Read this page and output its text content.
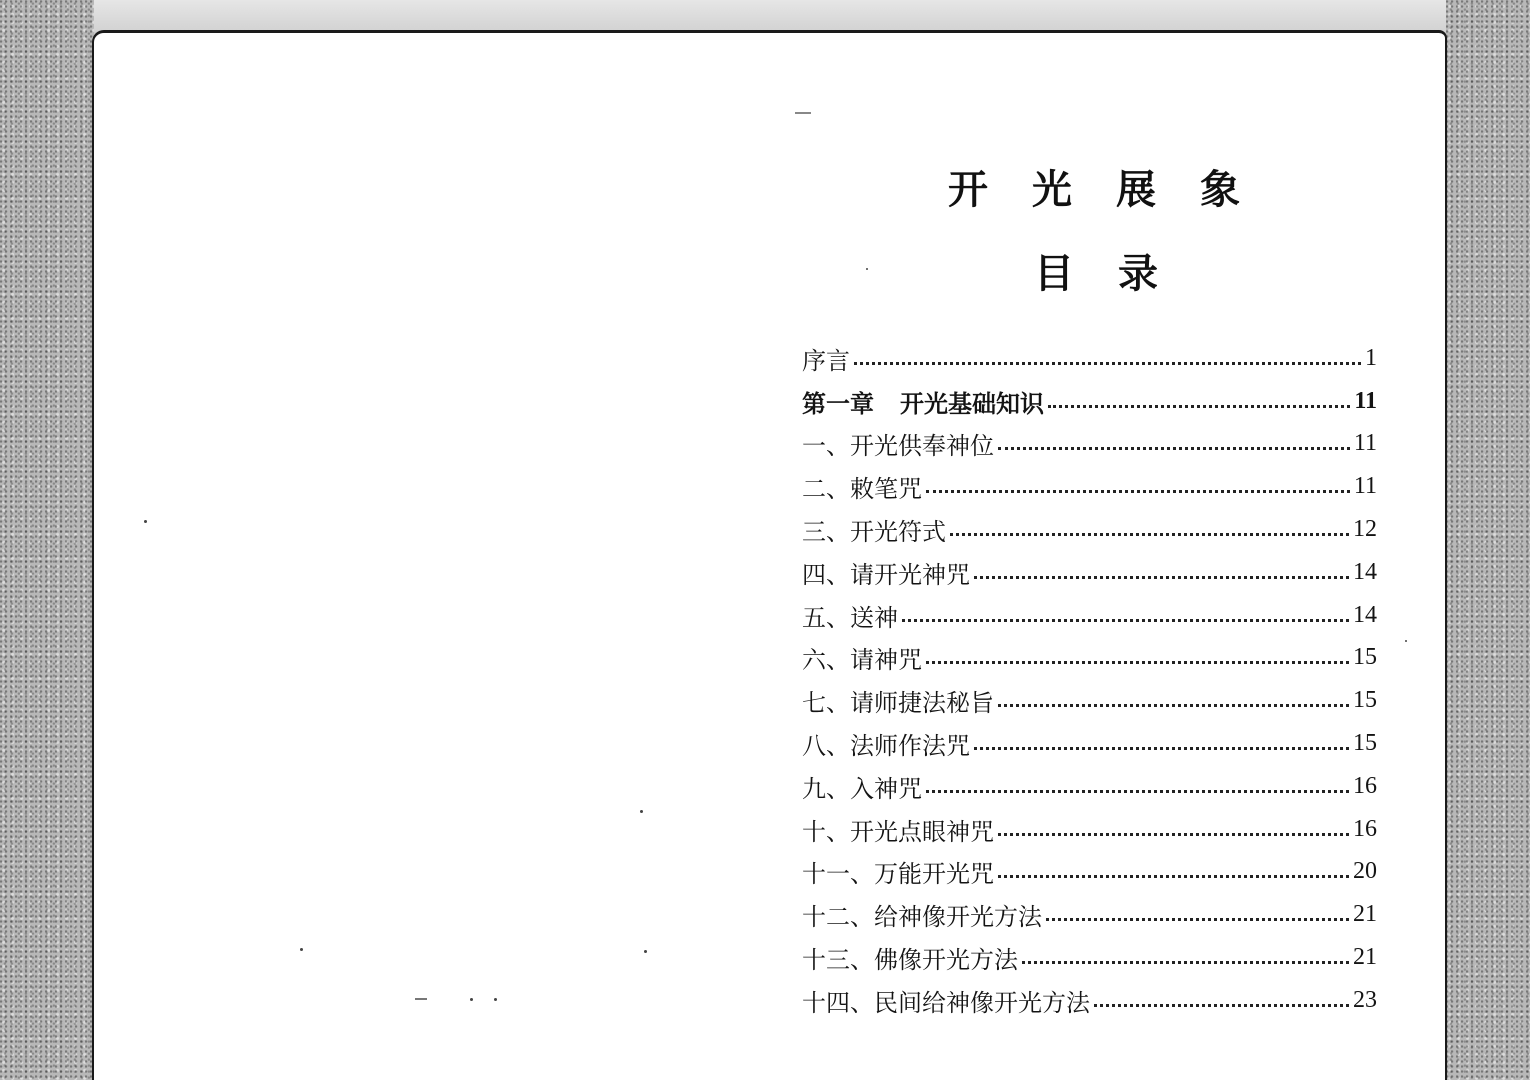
开光展象
目录
序言	1
第一章 开光基础知识	11
一、开光供奉神位	11
二、敕笔咒	11
三、开光符式	12
四、请开光神咒	14
五、送神	14
六、请神咒	15
七、请师捷法秘旨	15
八、法师作法咒	15
九、入神咒	16
十、开光点眼神咒	16
十一、万能开光咒	20
十二、给神像开光方法	21
十三、佛像开光方法	21
十四、民间给神像开光方法	23
